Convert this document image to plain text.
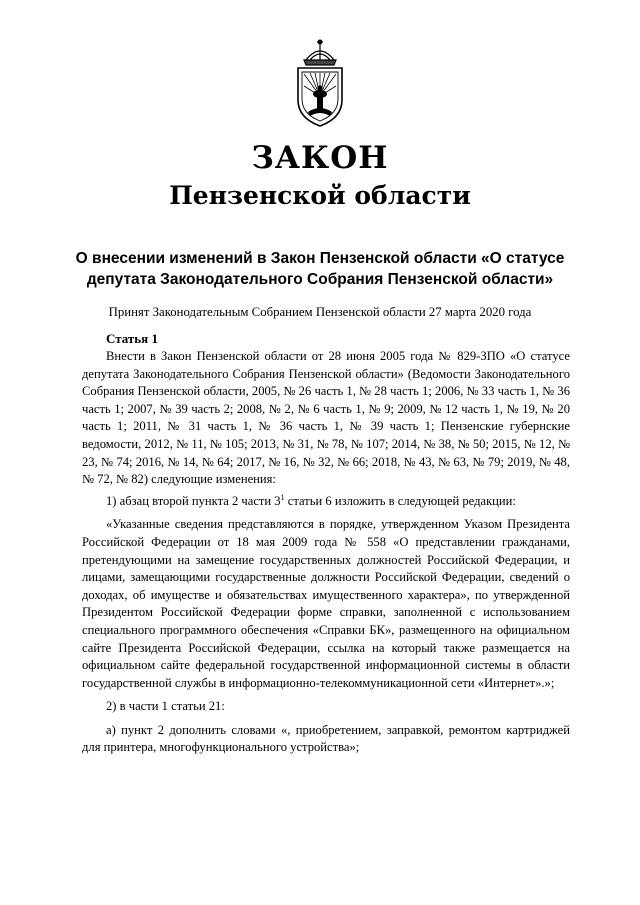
ЗАКОН
Пензенской области
О внесении изменений в Закон Пензенской области «О статусе
депутата Законодательного Собрания Пензенской области»
Принят Законодательным Собранием Пензенской области 27 марта 2020 года
Статья 1

Внести в Закон Пензенской области от 28 июня 2005 года № 829-ЗПО «О статусе депутата Законодательного Собрания Пензенской области» (Ведомости Законодательного Собрания Пензенской области, 2005, № 26 часть 1, № 28 часть 1; 2006, № 33 часть 1, № 36 часть 1; 2007, № 39 часть 2; 2008, № 2, № 6 часть 1, № 9; 2009, № 12 часть 1, № 19, № 20 часть 1; 2011, № 31 часть 1, № 36 часть 1, № 39 часть 1; Пензенские губернские ведомости, 2012, № 11, № 105; 2013, № 31, № 78, № 107; 2014, № 38, № 50; 2015, № 12, № 23, № 74; 2016, № 14, № 64; 2017, № 16, № 32, № 66; 2018, № 43, № 63, № 79; 2019, № 48, № 72, № 82) следующие изменения:

1) абзац второй пункта 2 части $3^1$ статьи 6 изложить в следующей редакции:

«Указанные сведения представляются в порядке, утвержденном Указом Президента Российской Федерации от 18 мая 2009 года № 558 «О представлении гражданами, претендующими на замещение государственных должностей Российской Федерации, и лицами, замещающими государственные должности Российской Федерации, сведений о доходах, об имуществе и обязательствах имущественного характера», по утвержденной Президентом Российской Федерации форме справки, заполненной с использованием специального программного обеспечения «Справки БК», размещенного на официальном сайте Президента Российской Федерации, ссылка на который также размещается на официальном сайте федеральной государственной информационной системы в области государственной службы в информационно-телекоммуникационной сети «Интернет».»;

2) в части 1 статьи 21:

а) пункт 2 дополнить словами «, приобретением, заправкой, ремонтом картриджей для принтера, многофункционального устройства»;
